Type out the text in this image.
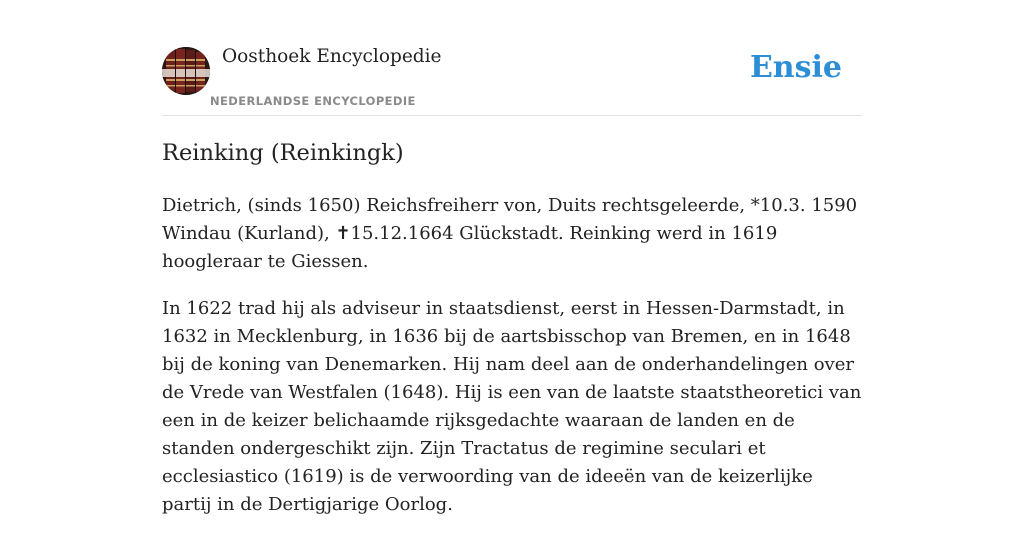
Oosthoek Encyclopedie
NEDERLANDSE ENCYCLOPEDIE
Ensie
Reinking (Reinkingk)

Dietrich, (sinds 1650) Reichsfreiherr von, Duits rechtsgeleerde, *10.3. 1590 Windau (Kurland), ✝15.12.1664 Glückstadt. Reinking werd in 1619 hoogleraar te Giessen.

In 1622 trad hij als adviseur in staatsdienst, eerst in Hessen-Darmstadt, in 1632 in Mecklenburg, in 1636 bij de aartsbisschop van Bremen, en in 1648 bij de koning van Denemarken. Hij nam deel aan de onderhandelingen over de Vrede van Westfalen (1648). Hij is een van de laatste staatstheoretici van een in de keizer belichaamde rijksgedachte waaraan de landen en de standen ondergeschikt zijn. Zijn Tractatus de regimine seculari et ecclesiastico (1619) is de verwoording van de ideeën van de keizerlijke partij in de Dertigjarige Oorlog.
